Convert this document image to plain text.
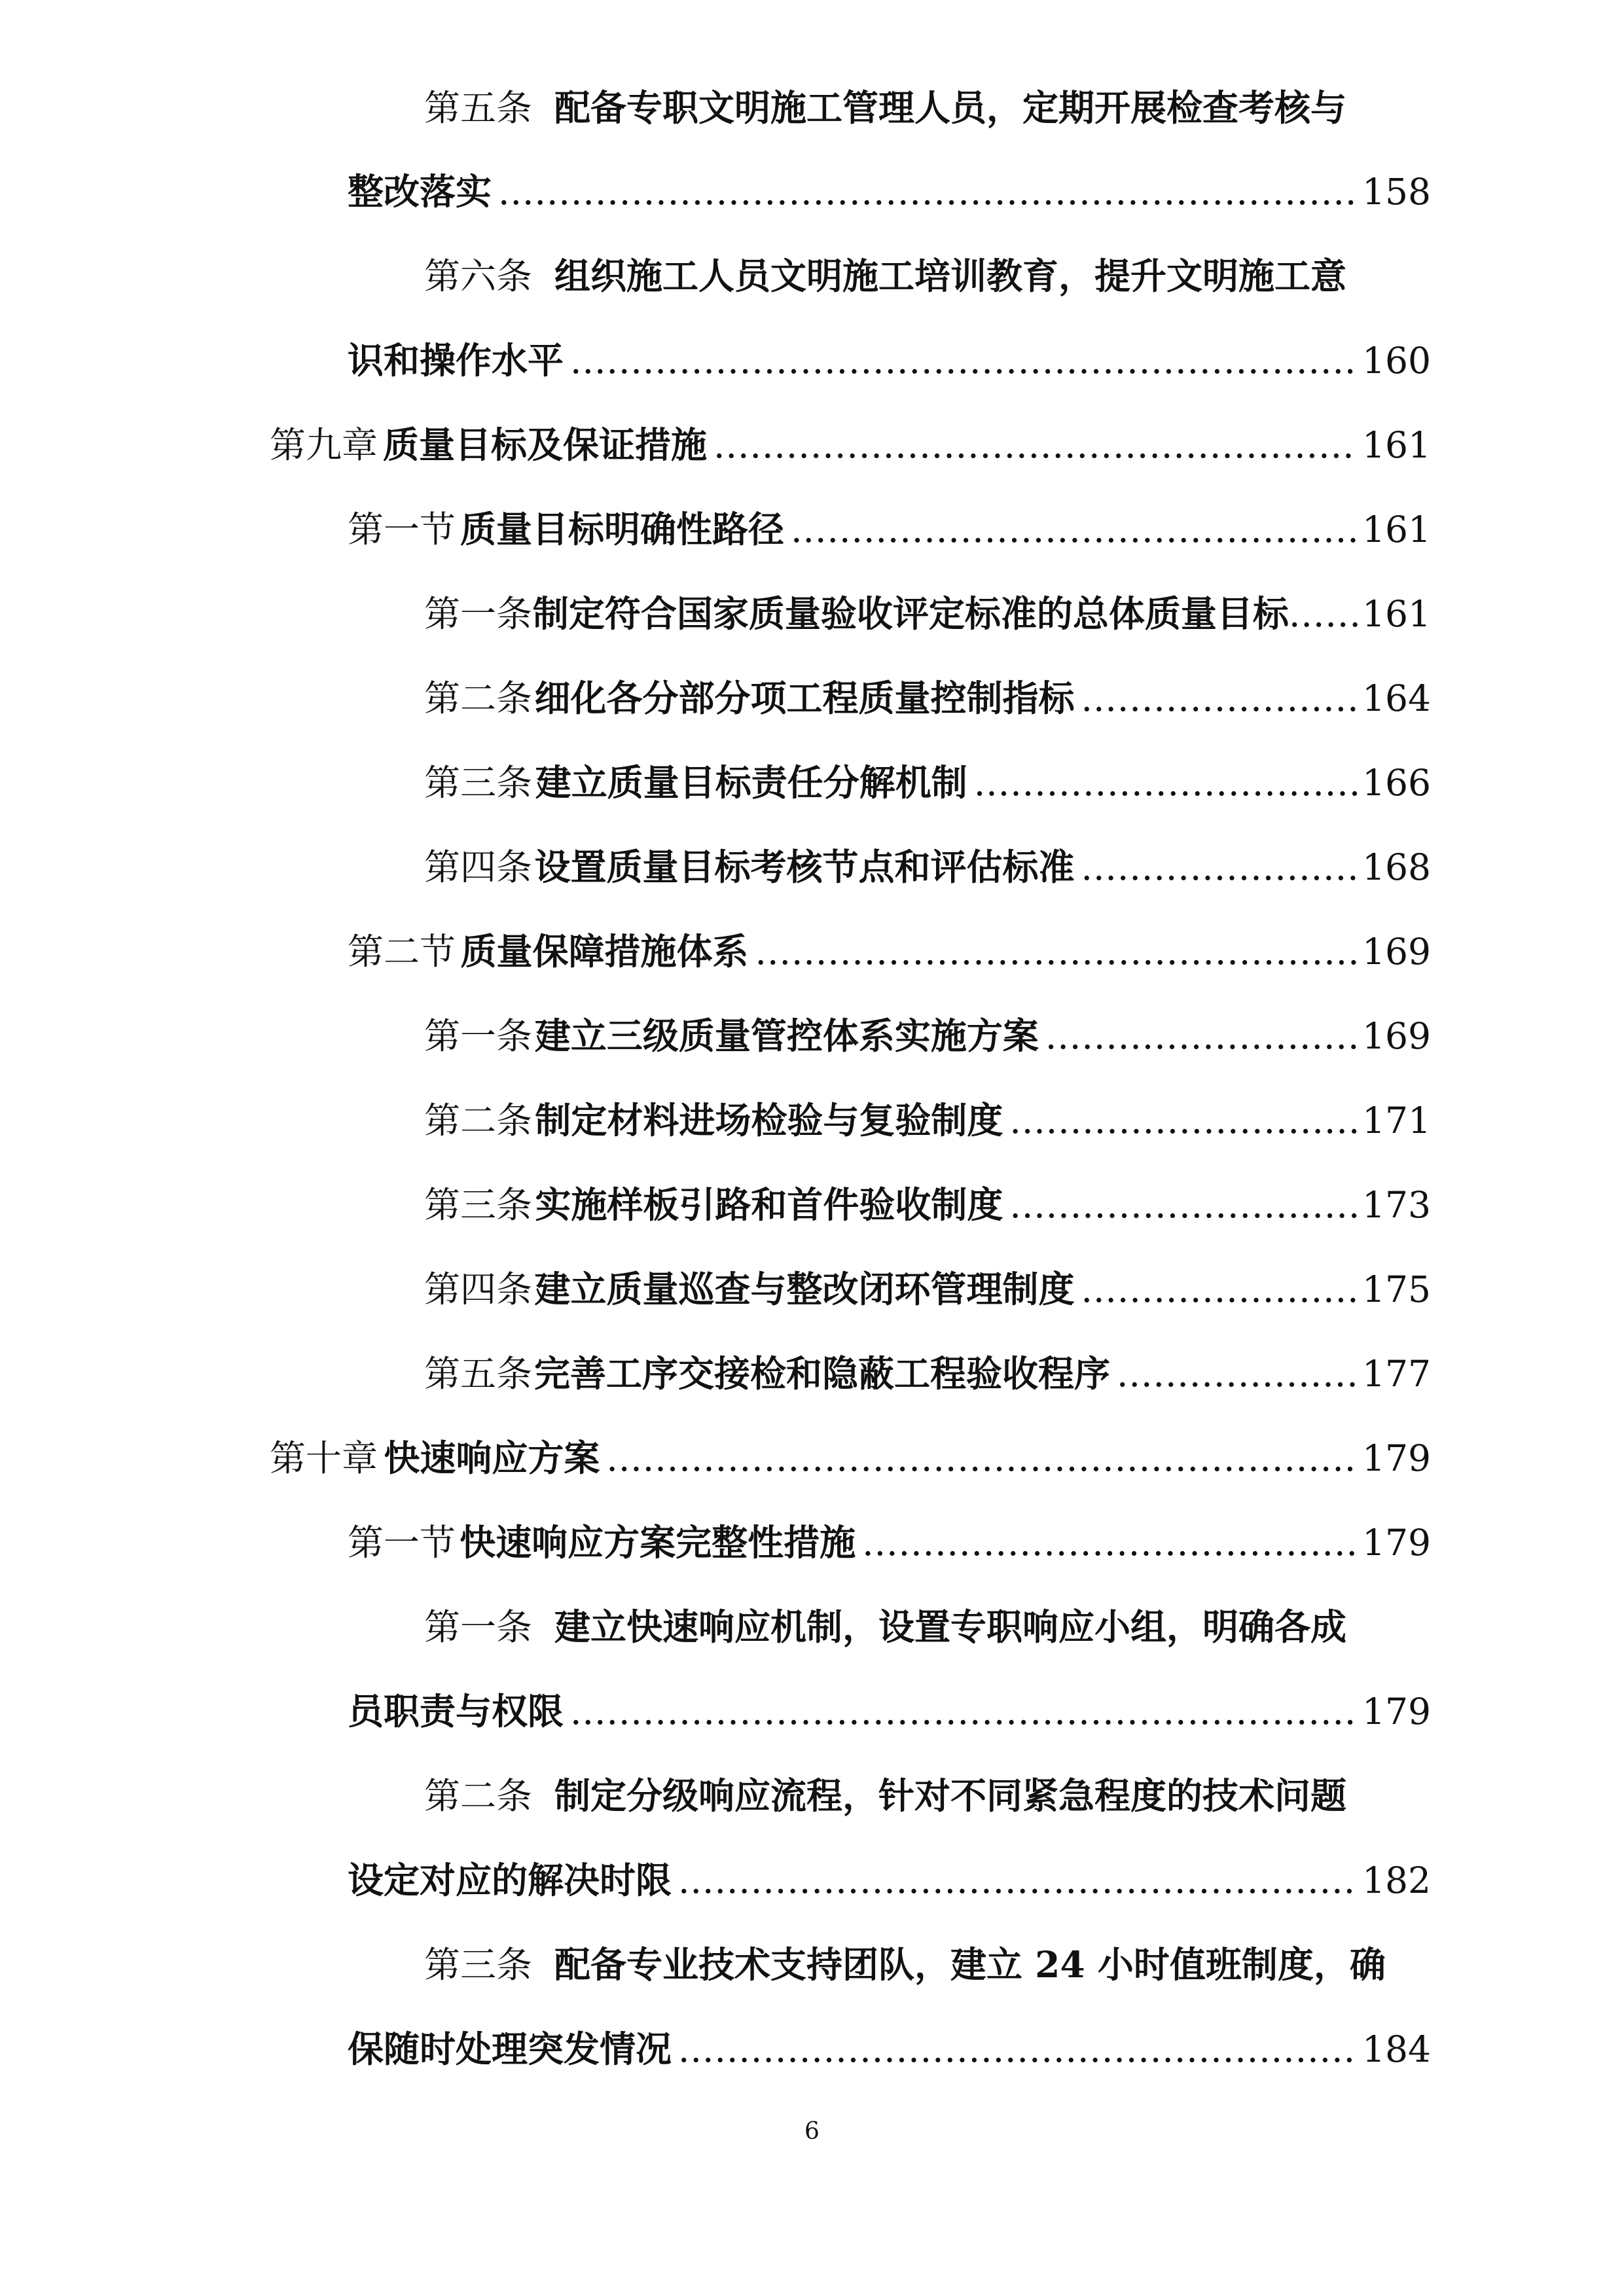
第五条 配备专职文明施工管理人员，定期开展检查考核与
整改落实 .....	158
第六条 组织施工人员文明施工培训教育，提升文明施工意
识和操作水平 .....	160
第九章 质量目标及保证措施 .....	161
第一节 质量目标明确性路径 .....	161
第一条 制定符合国家质量验收评定标准的总体质量目标 ..... 161
第二条 细化各分部分项工程质量控制指标 .....	164
第三条 建立质量目标责任分解机制 .....	166
第四条 设置质量目标考核节点和评估标准 .....	168
第二节 质量保障措施体系 .....	169
第一条 建立三级质量管控体系实施方案 .....	169
第二条 制定材料进场检验与复验制度 .....	171
第三条 实施样板引路和首件验收制度 .....	173
第四条 建立质量巡查与整改闭环管理制度 .....	175
第五条 完善工序交接检和隐蔽工程验收程序 .....	177
第十章 快速响应方案 .....	179
第一节 快速响应方案完整性措施 .....	179
第一条 建立快速响应机制，设置专职响应小组，明确各成
员职责与权限 .....	179
第二条 制定分级响应流程，针对不同紧急程度的技术问题
设定对应的解决时限 .....	182
第三条 配备专业技术支持团队，建立 24 小时值班制度，确
保随时处理突发情况 .....	184
6
